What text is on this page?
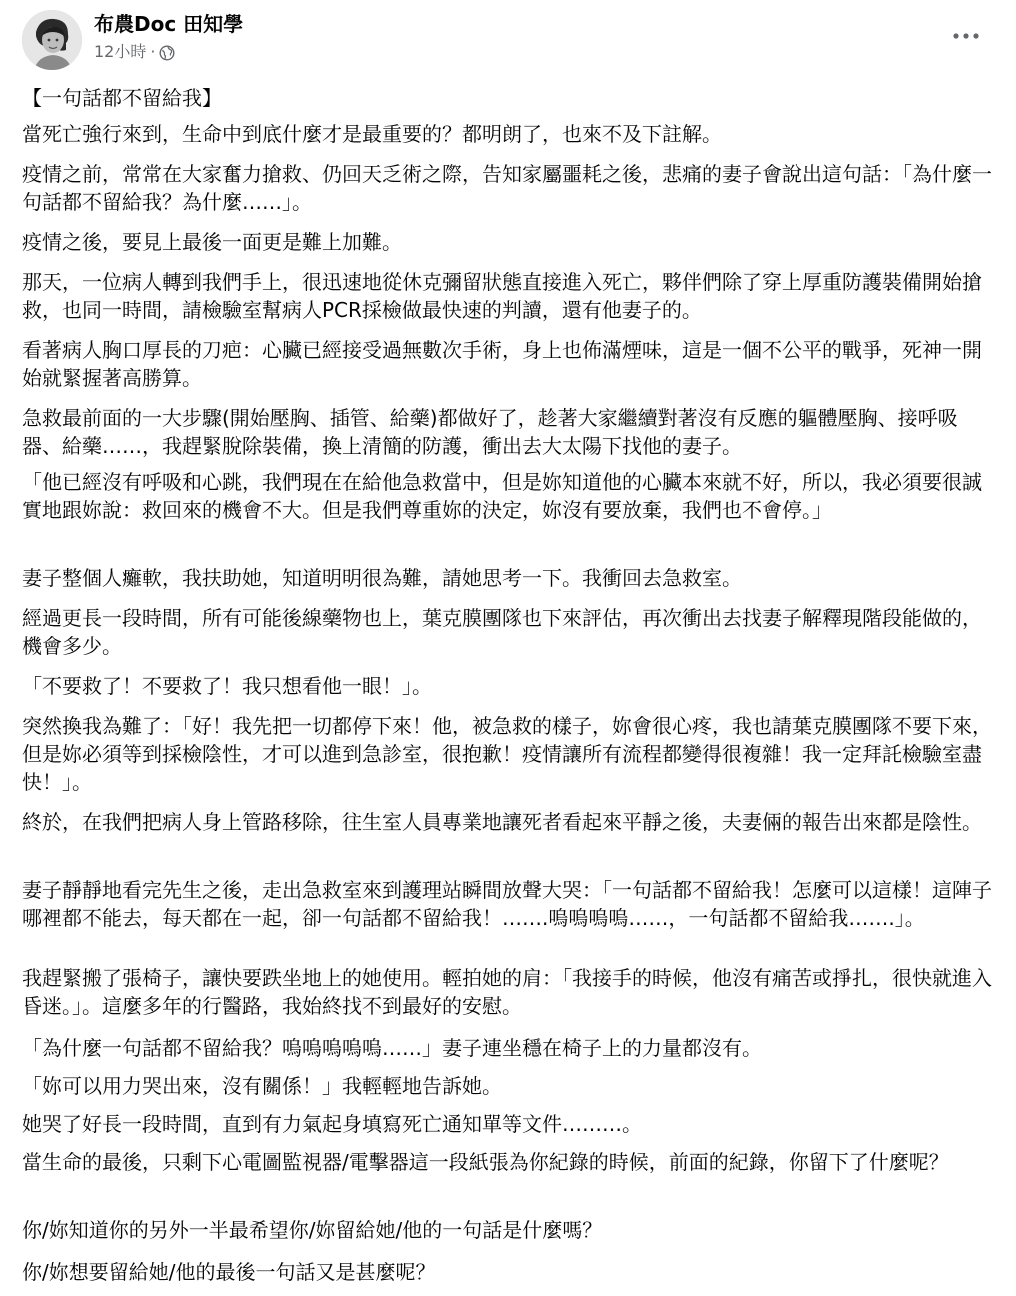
布農Doc 田知學
12小時 ·

【一句話都不留給我】

當死亡強行來到，生命中到底什麼才是最重要的？都明朗了，也來不及下註解。

疫情之前，常常在大家奮力搶救、仍回天乏術之際，告知家屬噩耗之後，悲痛的妻子會說出這句話：「為什麼一句話都不留給我？為什麼……」。

疫情之後，要見上最後一面更是難上加難。

那天，一位病人轉到我們手上，很迅速地從休克彌留狀態直接進入死亡，夥伴們除了穿上厚重防護裝備開始搶救，也同一時間，請檢驗室幫病人PCR採檢做最快速的判讀，還有他妻子的。

看著病人胸口厚長的刀疤：心臟已經接受過無數次手術，身上也佈滿煙味，這是一個不公平的戰爭，死神一開始就緊握著高勝算。

急救最前面的一大步驟(開始壓胸、插管、給藥)都做好了，趁著大家繼續對著沒有反應的軀體壓胸、接呼吸器、給藥……，我趕緊脫除裝備，換上清簡的防護，衝出去大太陽下找他的妻子。

「他已經沒有呼吸和心跳，我們現在在給他急救當中，但是妳知道他的心臟本來就不好，所以，我必須要很誠實地跟妳說：救回來的機會不大。但是我們尊重妳的決定，妳沒有要放棄，我們也不會停。」

妻子整個人癱軟，我扶助她，知道明明很為難，請她思考一下。我衝回去急救室。

經過更長一段時間，所有可能後線藥物也上，葉克膜團隊也下來評估，再次衝出去找妻子解釋現階段能做的，機會多少。

「不要救了！不要救了！我只想看他一眼！」。

突然換我為難了：「好！我先把一切都停下來！他，被急救的樣子，妳會很心疼，我也請葉克膜團隊不要下來，但是妳必須等到採檢陰性，才可以進到急診室，很抱歉！疫情讓所有流程都變得很複雜！我一定拜託檢驗室盡快！」。

終於，在我們把病人身上管路移除，往生室人員專業地讓死者看起來平靜之後，夫妻倆的報告出來都是陰性。

妻子靜靜地看完先生之後，走出急救室來到護理站瞬間放聲大哭：「一句話都不留給我！怎麼可以這樣！這陣子哪裡都不能去，每天都在一起，卻一句話都不留給我！…….嗚嗚嗚嗚……，一句話都不留給我…….」。

我趕緊搬了張椅子，讓快要跌坐地上的她使用。輕拍她的肩：「我接手的時候，他沒有痛苦或掙扎，很快就進入昏迷。」。這麼多年的行醫路，我始終找不到最好的安慰。

「為什麼一句話都不留給我？嗚嗚嗚嗚嗚……」妻子連坐穩在椅子上的力量都沒有。

「妳可以用力哭出來，沒有關係！」我輕輕地告訴她。

她哭了好長一段時間，直到有力氣起身填寫死亡通知單等文件………。

當生命的最後，只剩下心電圖監視器/電擊器這一段紙張為你紀錄的時候，前面的紀錄，你留下了什麼呢？

你/妳知道你的另外一半最希望你/妳留給她/他的一句話是什麼嗎？

你/妳想要留給她/他的最後一句話又是甚麼呢？
